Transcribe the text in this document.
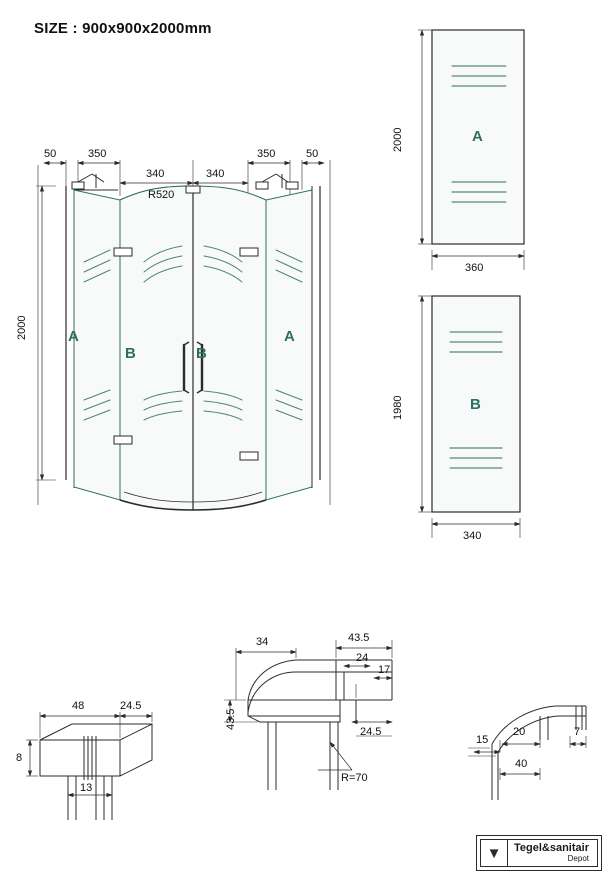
SIZE : 900x900x2000mm
A
B	B
A
50	350
340	340
350	50
R520
2000
A
2000
360
B
1980
340
48	24.5
8
13
34	43.5
24
17
43.5
24.5
R=70
15
20	7
40
▼	Tegel&sanitair
Depot
